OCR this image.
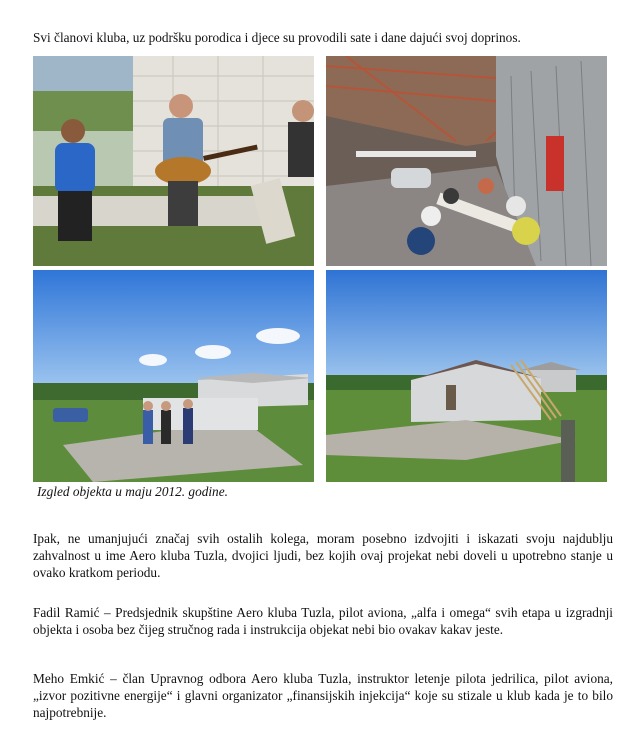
Svi članovi kluba, uz podršku porodica i djece su provodili sate i dane dajući svoj doprinos.

Izgled objekta u maju 2012. godine.

Ipak, ne umanjujući značaj svih ostalih kolega, moram posebno izdvojiti i iskazati svoju najdublju zahvalnost u ime Aero kluba Tuzla, dvojici ljudi, bez kojih ovaj projekat nebi doveli u upotrebno stanje u ovako kratkom periodu.

Fadil Ramić – Predsjednik skupštine Aero kluba Tuzla, pilot aviona, „alfa i omega“ svih etapa u izgradnji objekta i osoba bez čijeg stručnog rada i instrukcija objekat nebi bio ovakav kakav jeste.

Meho Emkić – član Upravnog odbora Aero kluba Tuzla, instruktor letenje pilota jedrilica, pilot aviona, „izvor pozitivne energije“ i glavni organizator „finansijskih injekcija“ koje su stizale u klub kada je to bilo najpotrebnije.
